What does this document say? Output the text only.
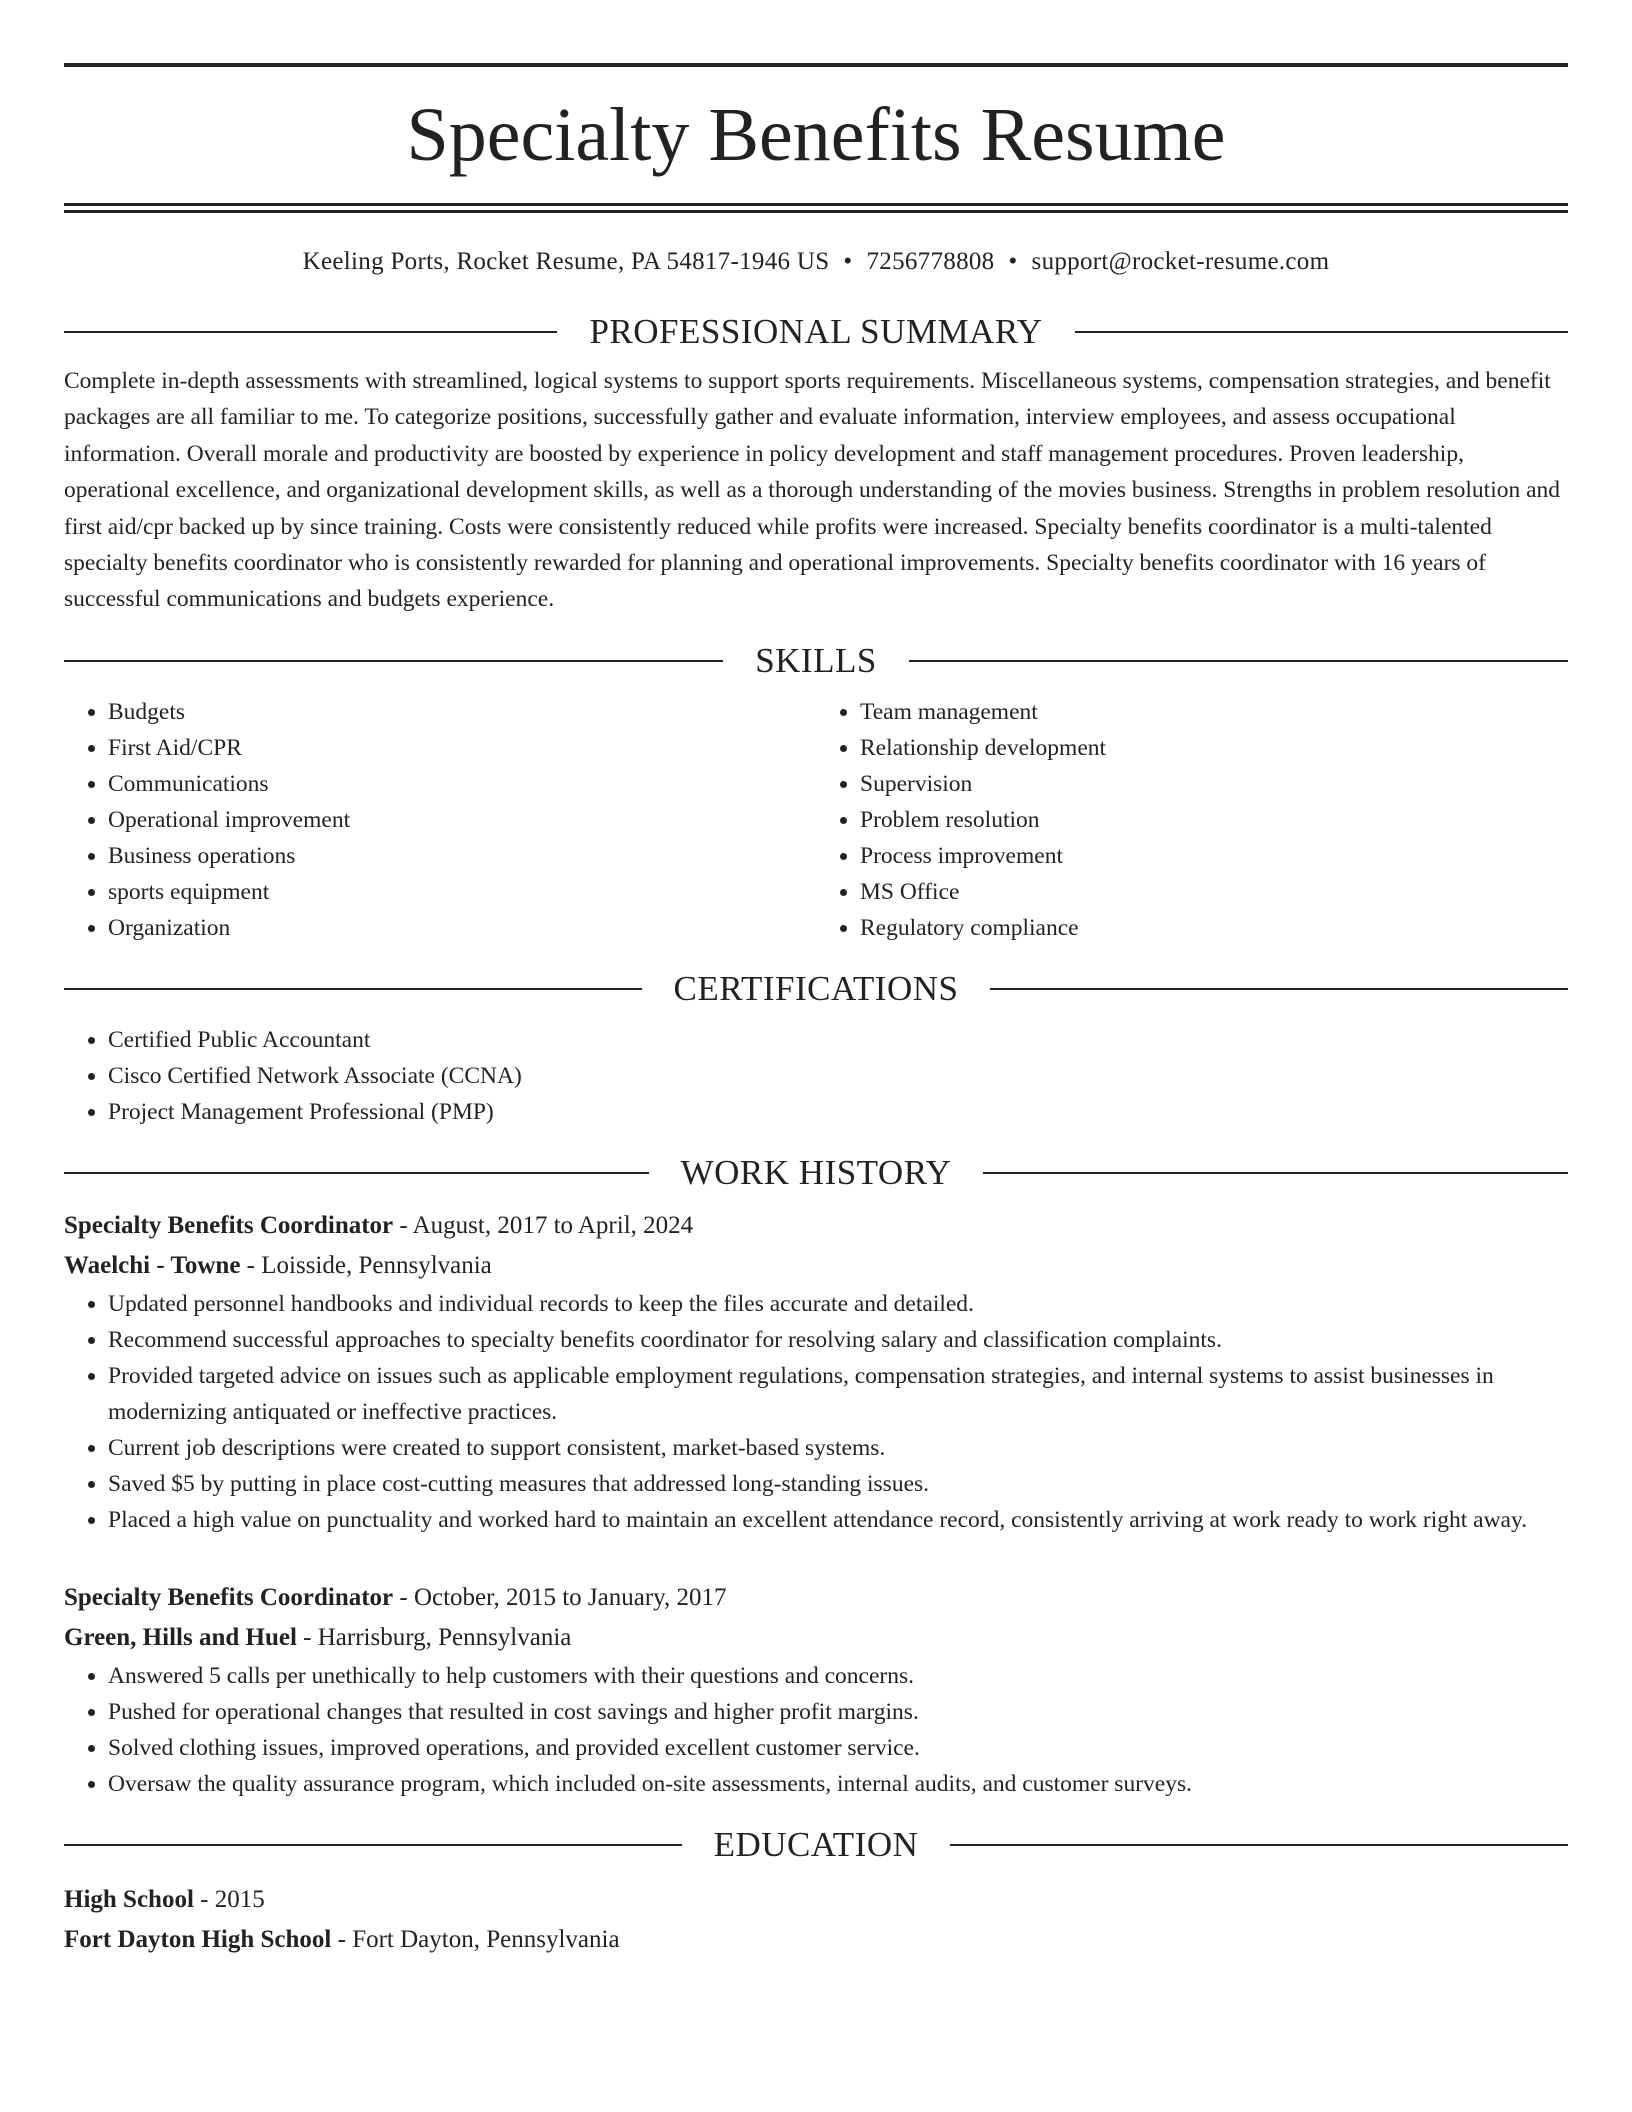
Specialty Benefits Resume
Keeling Ports, Rocket Resume, PA 54817-1946 US • 7256778808 • support@rocket-resume.com
PROFESSIONAL SUMMARY
Complete in-depth assessments with streamlined, logical systems to support sports requirements. Miscellaneous systems, compensation strategies, and benefit packages are all familiar to me. To categorize positions, successfully gather and evaluate information, interview employees, and assess occupational information. Overall morale and productivity are boosted by experience in policy development and staff management procedures. Proven leadership, operational excellence, and organizational development skills, as well as a thorough understanding of the movies business. Strengths in problem resolution and first aid/cpr backed up by since training. Costs were consistently reduced while profits were increased. Specialty benefits coordinator is a multi-talented specialty benefits coordinator who is consistently rewarded for planning and operational improvements. Specialty benefits coordinator with 16 years of successful communications and budgets experience.
SKILLS
• Budgets
• First Aid/CPR
• Communications
• Operational improvement
• Business operations
• sports equipment
• Organization
• Team management
• Relationship development
• Supervision
• Problem resolution
• Process improvement
• MS Office
• Regulatory compliance
CERTIFICATIONS
• Certified Public Accountant
• Cisco Certified Network Associate (CCNA)
• Project Management Professional (PMP)
WORK HISTORY
Specialty Benefits Coordinator - August, 2017 to April, 2024
Waelchi - Towne - Loisside, Pennsylvania
• Updated personnel handbooks and individual records to keep the files accurate and detailed.
• Recommend successful approaches to specialty benefits coordinator for resolving salary and classification complaints.
• Provided targeted advice on issues such as applicable employment regulations, compensation strategies, and internal systems to assist businesses in modernizing antiquated or ineffective practices.
• Current job descriptions were created to support consistent, market-based systems.
• Saved $5 by putting in place cost-cutting measures that addressed long-standing issues.
• Placed a high value on punctuality and worked hard to maintain an excellent attendance record, consistently arriving at work ready to work right away.
Specialty Benefits Coordinator - October, 2015 to January, 2017
Green, Hills and Huel - Harrisburg, Pennsylvania
• Answered 5 calls per unethically to help customers with their questions and concerns.
• Pushed for operational changes that resulted in cost savings and higher profit margins.
• Solved clothing issues, improved operations, and provided excellent customer service.
• Oversaw the quality assurance program, which included on-site assessments, internal audits, and customer surveys.
EDUCATION
High School - 2015
Fort Dayton High School - Fort Dayton, Pennsylvania
